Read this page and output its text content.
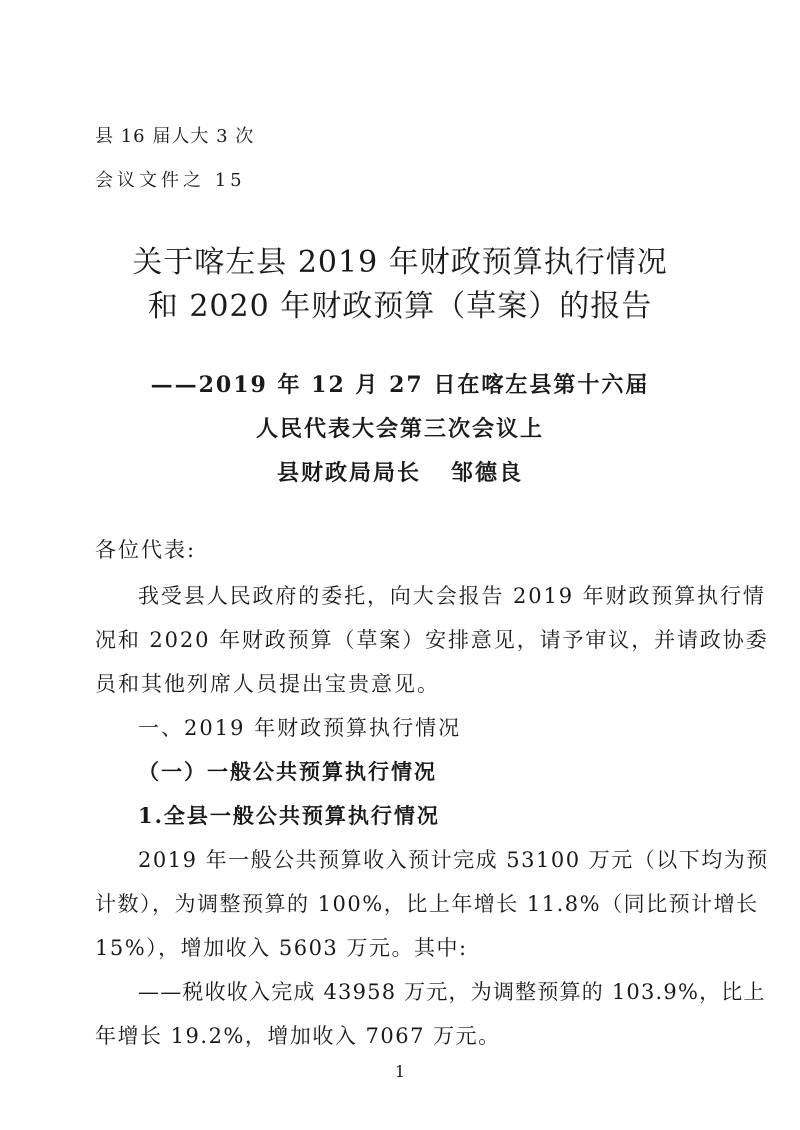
县 16 届人大 3 次
会议文件之 15
关于喀左县 2019 年财政预算执行情况
和 2020 年财政预算（草案）的报告
——2019 年 12 月 27 日在喀左县第十六届
人民代表大会第三次会议上
县财政局局长 邹德良
各位代表:
我受县人民政府的委托，向大会报告 2019 年财政预算执行情
况和 2020 年财政预算（草案）安排意见，请予审议，并请政协委
员和其他列席人员提出宝贵意见。
一、2019 年财政预算执行情况
（一）一般公共预算执行情况
1.全县一般公共预算执行情况
2019 年一般公共预算收入预计完成 53100 万元（以下均为预
计数），为调整预算的 100%，比上年增长 11.8%（同比预计增长
15%），增加收入 5603 万元。其中:
——税收收入完成 43958 万元，为调整预算的 103.9%，比上
年增长 19.2%，增加收入 7067 万元。
1
